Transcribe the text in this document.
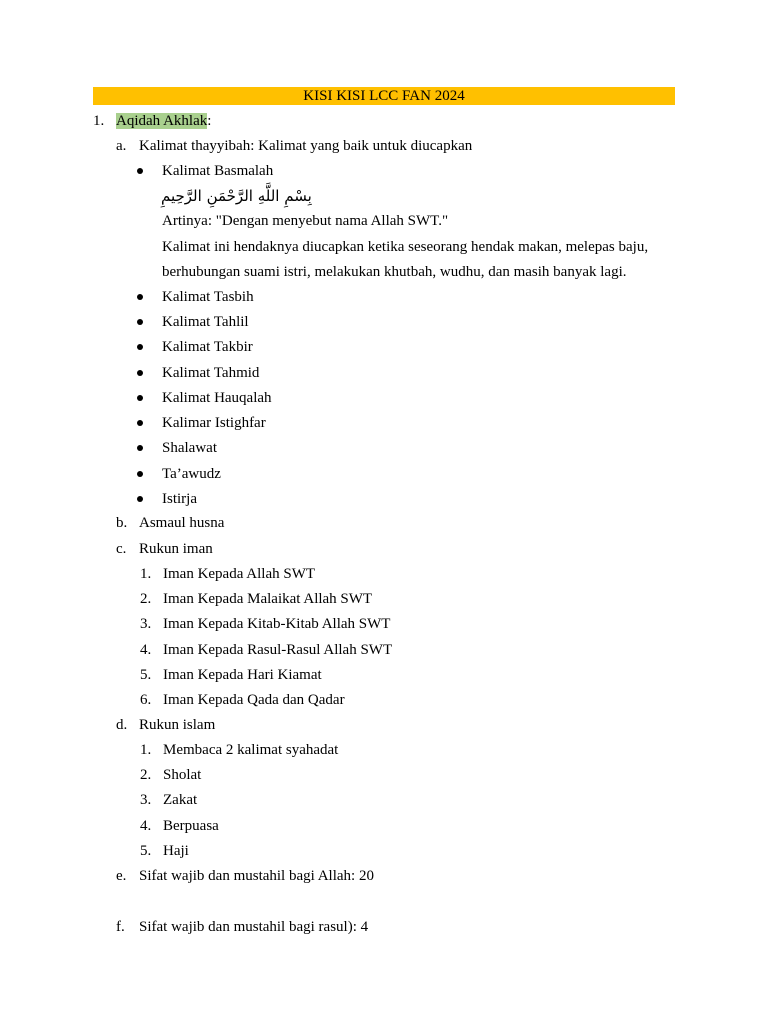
KISI KISI LCC FAN 2024
1. Aqidah Akhlak:
a. Kalimat thayyibah: Kalimat yang baik untuk diucapkan
Kalimat Basmalah
بِسْمِ اللَّهِ الرَّحْمَنِ الرَّحِيمِ
Artinya: "Dengan menyebut nama Allah SWT."
Kalimat ini hendaknya diucapkan ketika seseorang hendak makan, melepas baju,
berhubungan suami istri, melakukan khutbah, wudhu, dan masih banyak lagi.
Kalimat Tasbih
Kalimat Tahlil
Kalimat Takbir
Kalimat Tahmid
Kalimat Hauqalah
Kalimar Istighfar
Shalawat
Ta’awudz
Istirja
b. Asmaul husna
c. Rukun iman
1. Iman Kepada Allah SWT
2. Iman Kepada Malaikat Allah SWT
3. Iman Kepada Kitab-Kitab Allah SWT
4. Iman Kepada Rasul-Rasul Allah SWT
5. Iman Kepada Hari Kiamat
6. Iman Kepada Qada dan Qadar
d. Rukun islam
1. Membaca 2 kalimat syahadat
2. Sholat
3. Zakat
4. Berpuasa
5. Haji
e. Sifat wajib dan mustahil bagi Allah: 20
f. Sifat wajib dan mustahil bagi rasul): 4
